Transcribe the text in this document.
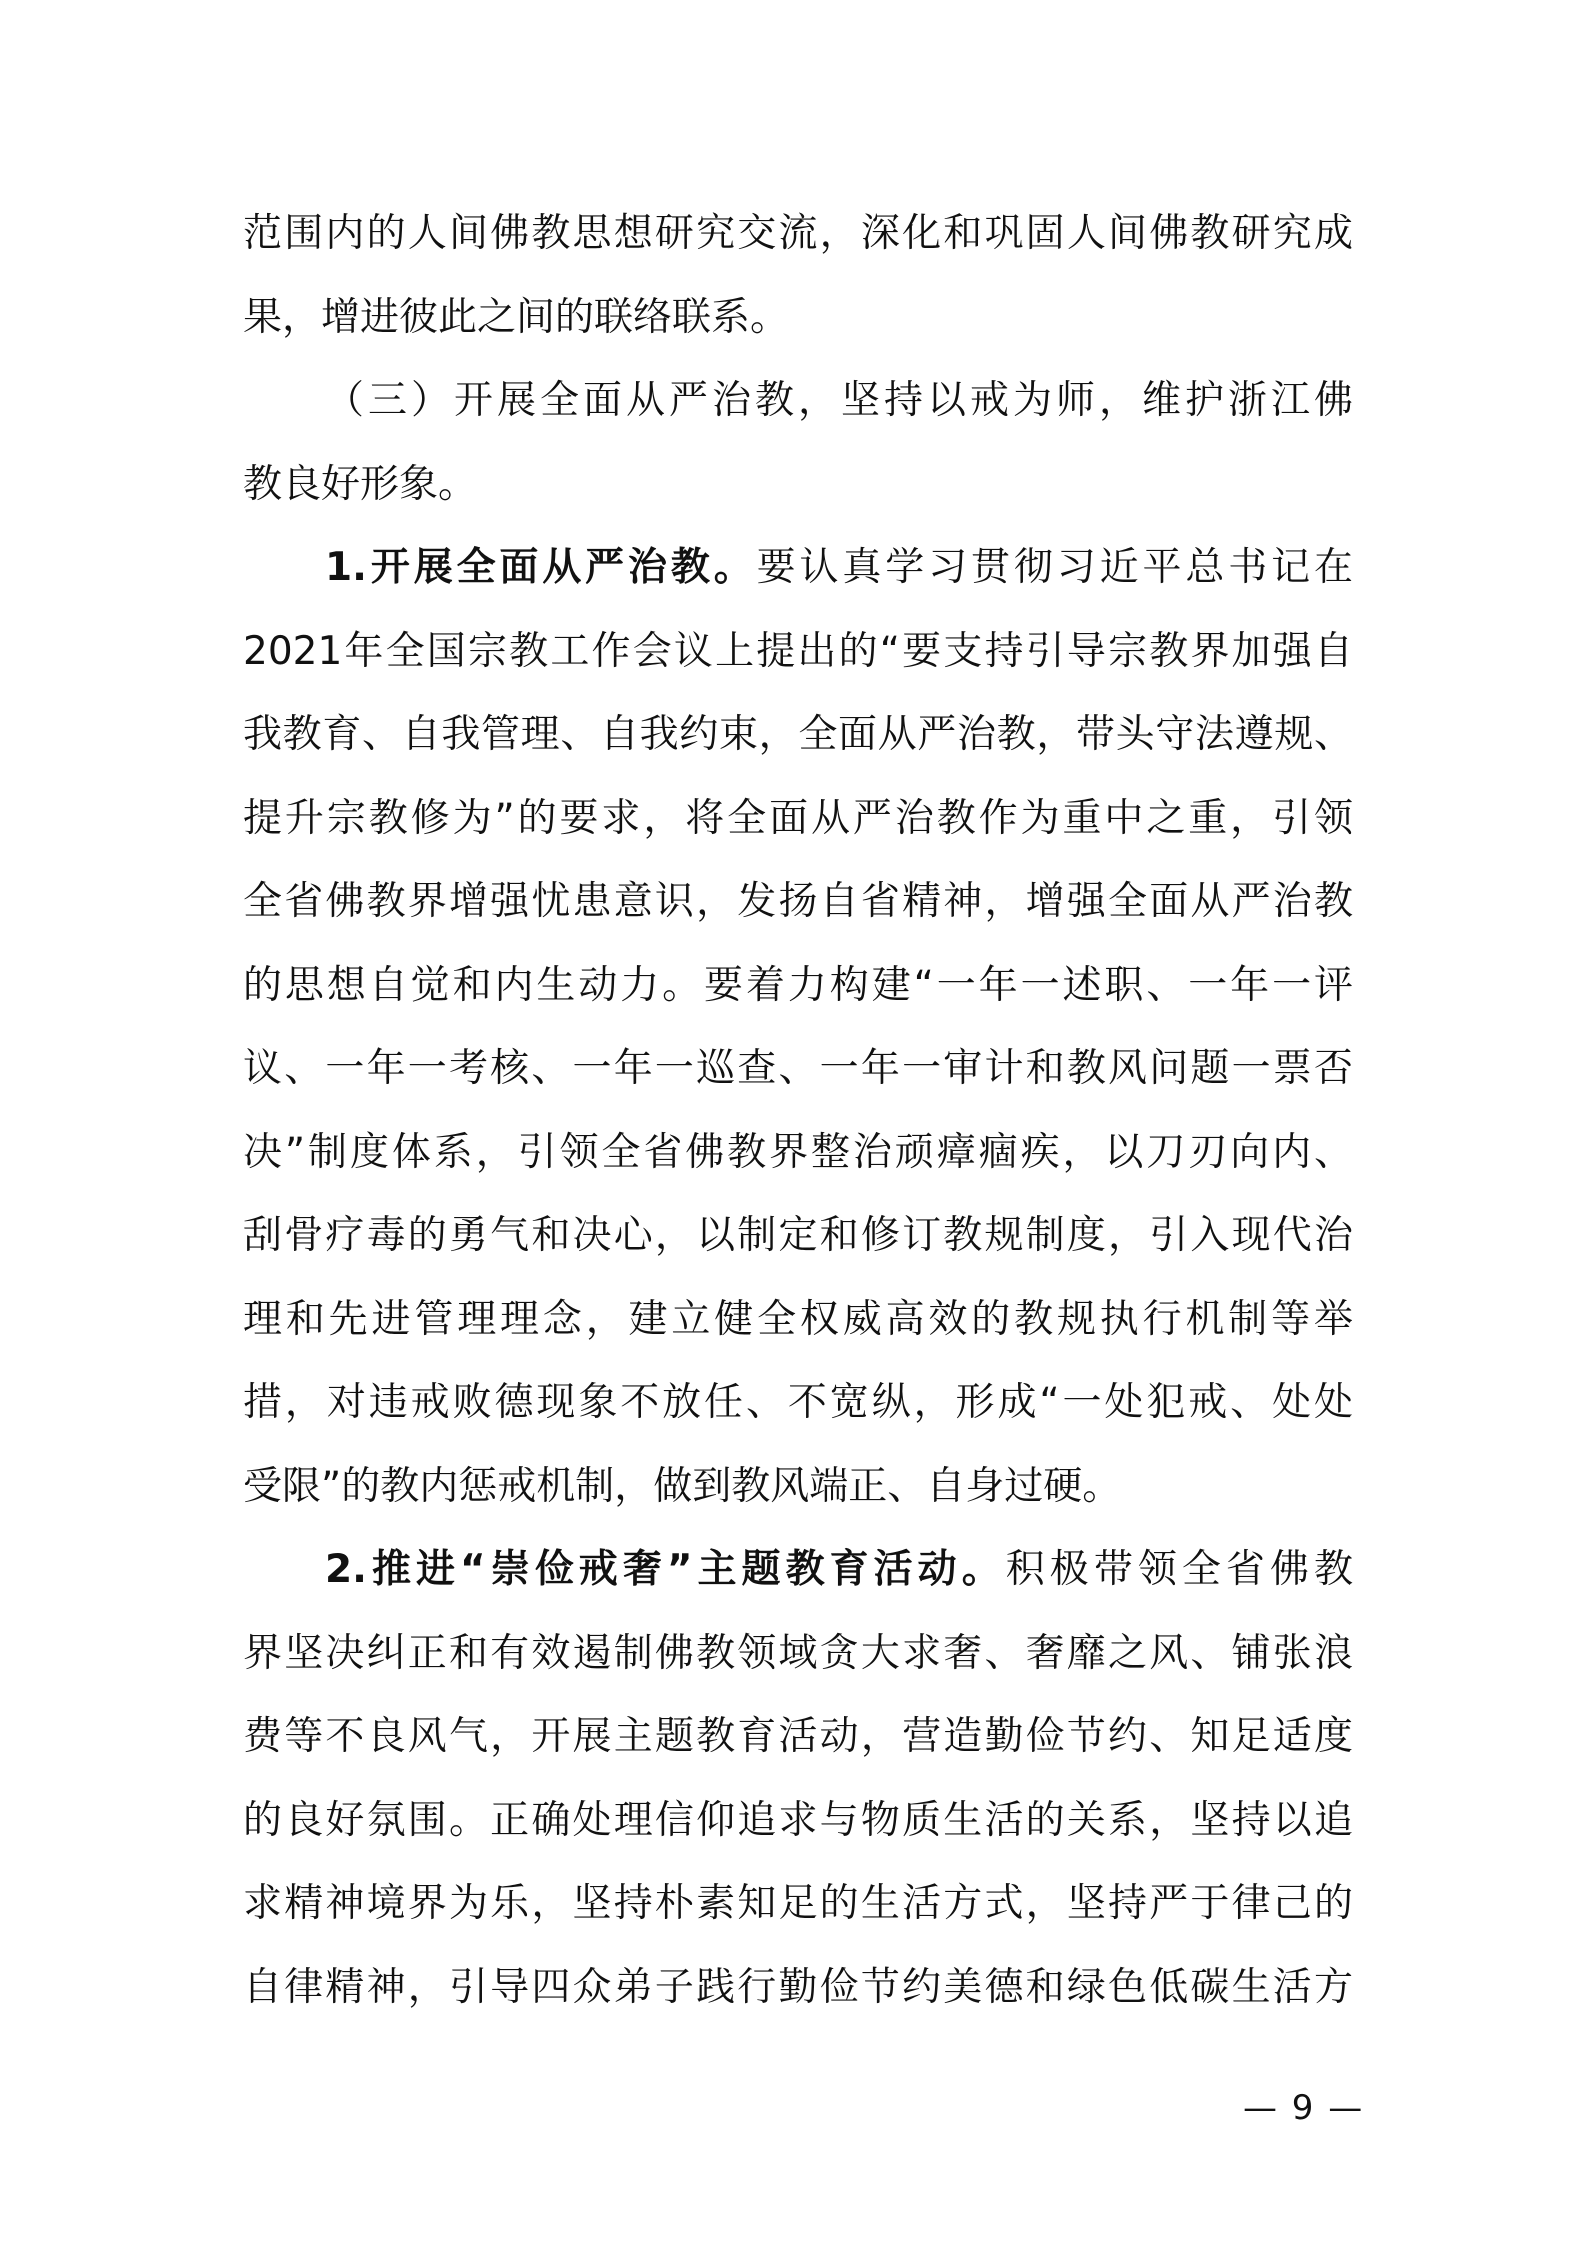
范围内的人间佛教思想研究交流，深化和巩固人间佛教研究成
果，增进彼此之间的联络联系。
（三）开展全面从严治教，坚持以戒为师，维护浙江佛
教良好形象。
1.开展全面从严治教。要认真学习贯彻习近平总书记在
2021年全国宗教工作会议上提出的“要支持引导宗教界加强自
我教育、自我管理、自我约束，全面从严治教，带头守法遵规、
提升宗教修为”的要求，将全面从严治教作为重中之重，引领
全省佛教界增强忧患意识，发扬自省精神，增强全面从严治教
的思想自觉和内生动力。要着力构建“一年一述职、一年一评
议、一年一考核、一年一巡查、一年一审计和教风问题一票否
决”制度体系，引领全省佛教界整治顽瘴痼疾，以刀刃向内、
刮骨疗毒的勇气和决心，以制定和修订教规制度，引入现代治
理和先进管理理念，建立健全权威高效的教规执行机制等举
措，对违戒败德现象不放任、不宽纵，形成“一处犯戒、处处
受限”的教内惩戒机制，做到教风端正、自身过硬。
2.推进“崇俭戒奢”主题教育活动。积极带领全省佛教
界坚决纠正和有效遏制佛教领域贪大求奢、奢靡之风、铺张浪
费等不良风气，开展主题教育活动，营造勤俭节约、知足适度
的良好氛围。正确处理信仰追求与物质生活的关系，坚持以追
求精神境界为乐，坚持朴素知足的生活方式，坚持严于律己的
自律精神，引导四众弟子践行勤俭节约美德和绿色低碳生活方
— 9 —
